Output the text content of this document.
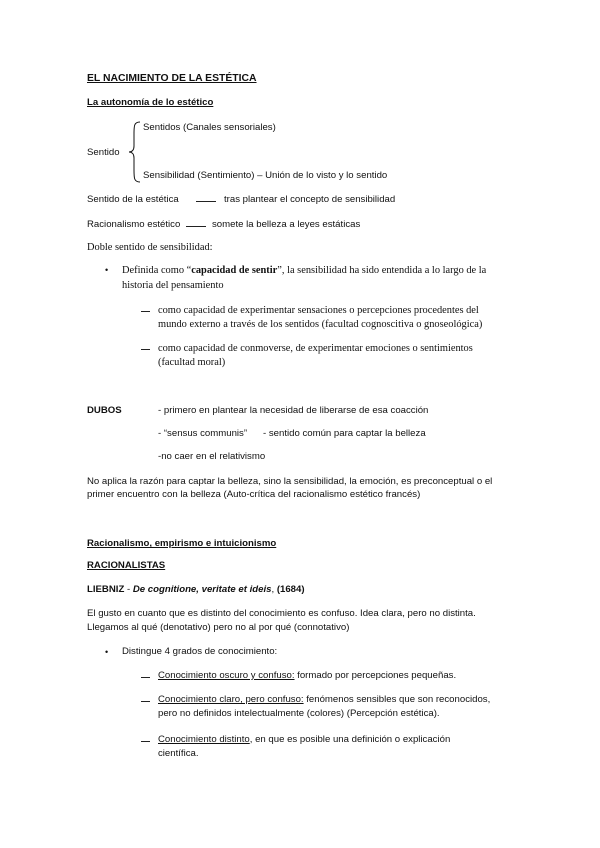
EL NACIMIENTO DE LA ESTÉTICA
La autonomía de lo estético
Sentidos (Canales sensoriales)
Sentido
Sensibilidad (Sentimiento) – Unión de lo visto y lo sentido
Sentido de la estética	tras plantear el concepto de sensibilidad
Racionalismo estético	somete la belleza a leyes estáticas
Doble sentido de sensibilidad:
• Definida como “capacidad de sentir”, la sensibilidad ha sido entendida a lo largo de la
historia del pensamiento
como capacidad de experimentar sensaciones o percepciones procedentes del
mundo externo a través de los sentidos (facultad cognoscitiva o gnoseológica)
como capacidad de conmoverse, de experimentar emociones o sentimientos
(facultad moral)
DUBOS	- primero en plantear la necesidad de liberarse de esa coacción
- “sensus communis” - sentido común para captar la belleza
-no caer en el relativismo
No aplica la razón para captar la belleza, sino la sensibilidad, la emoción, es preconceptual o el
primer encuentro con la belleza (Auto-crítica del racionalismo estético francés)
Racionalismo, empirismo e intuicionismo
RACIONALISTAS
LIEBNIZ - De cognitione, veritate et ideis, (1684)
El gusto en cuanto que es distinto del conocimiento es confuso. Idea clara, pero no distinta.
Llegamos al qué (denotativo) pero no al por qué (connotativo)
• Distingue 4 grados de conocimiento:
Conocimiento oscuro y confuso: formado por percepciones pequeñas.
Conocimiento claro, pero confuso: fenómenos sensibles que son reconocidos,
pero no definidos intelectualmente (colores) (Percepción estética).
Conocimiento distinto, en que es posible una definición o explicación
científica.
